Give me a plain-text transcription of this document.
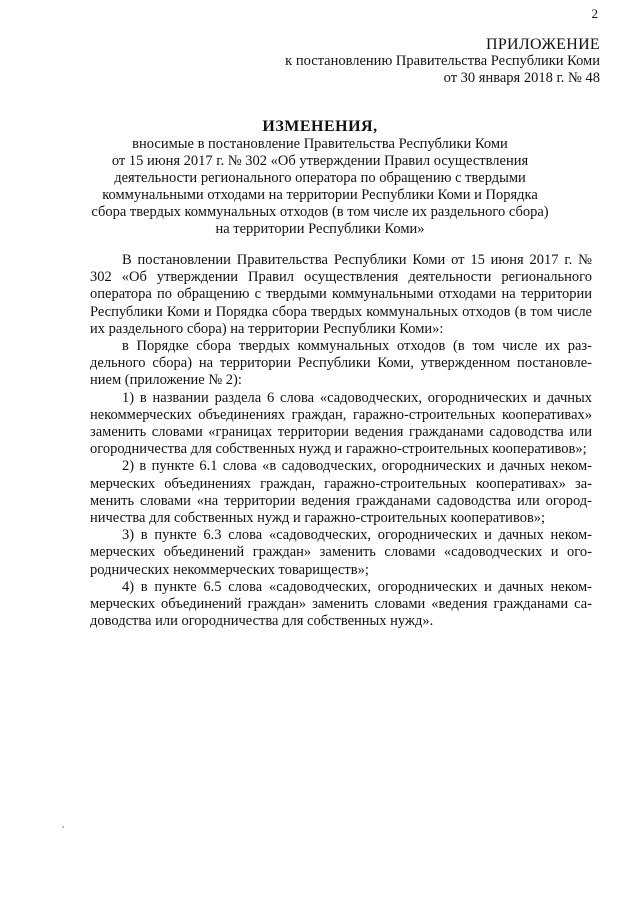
2
ПРИЛОЖЕНИЕ
к постановлению Правительства Республики Коми
от 30 января 2018 г. № 48
ИЗМЕНЕНИЯ,
вносимые в постановление Правительства Республики Коми
от 15 июня 2017 г. № 302 «Об утверждении Правил осуществления
деятельности регионального оператора по обращению с твердыми
коммунальными отходами на территории Республики Коми и Порядка
сбора твердых коммунальных отходов (в том числе их раздельного сбора)
на территории Республики Коми»

В постановлении Правительства Республики Коми от 15 июня 2017 г. № 302 «Об утверждении Правил осуществления деятельности регионального оператора по обращению с твердыми коммунальными отходами на территории Республики Коми и Порядка сбора твердых коммунальных отходов (в том числе их раздельного сбора) на территории Республики Коми»:

в Порядке сбора твердых коммунальных отходов (в том числе их раздельного сбора) на территории Республики Коми, утвержденном постановлением (приложение № 2):

1) в названии раздела 6 слова «садоводческих, огороднических и дачных некоммерческих объединениях граждан, гаражно-строительных кооперативах» заменить словами «границах территории ведения гражданами садоводства или огородничества для собственных нужд и гаражно-строительных кооперативов»;

2) в пункте 6.1 слова «в садоводческих, огороднических и дачных некоммерческих объединениях граждан, гаражно-строительных кооперативах» заменить словами «на территории ведения гражданами садоводства или огородничества для собственных нужд и гаражно-строительных кооперативов»;

3) в пункте 6.3 слова «садоводческих, огороднических и дачных некоммерческих объединений граждан» заменить словами «садоводческих и огороднических некоммерческих товариществ»;

4) в пункте 6.5 слова «садоводческих, огороднических и дачных некоммерческих объединений граждан» заменить словами «ведения гражданами садоводства или огородничества для собственных нужд».
